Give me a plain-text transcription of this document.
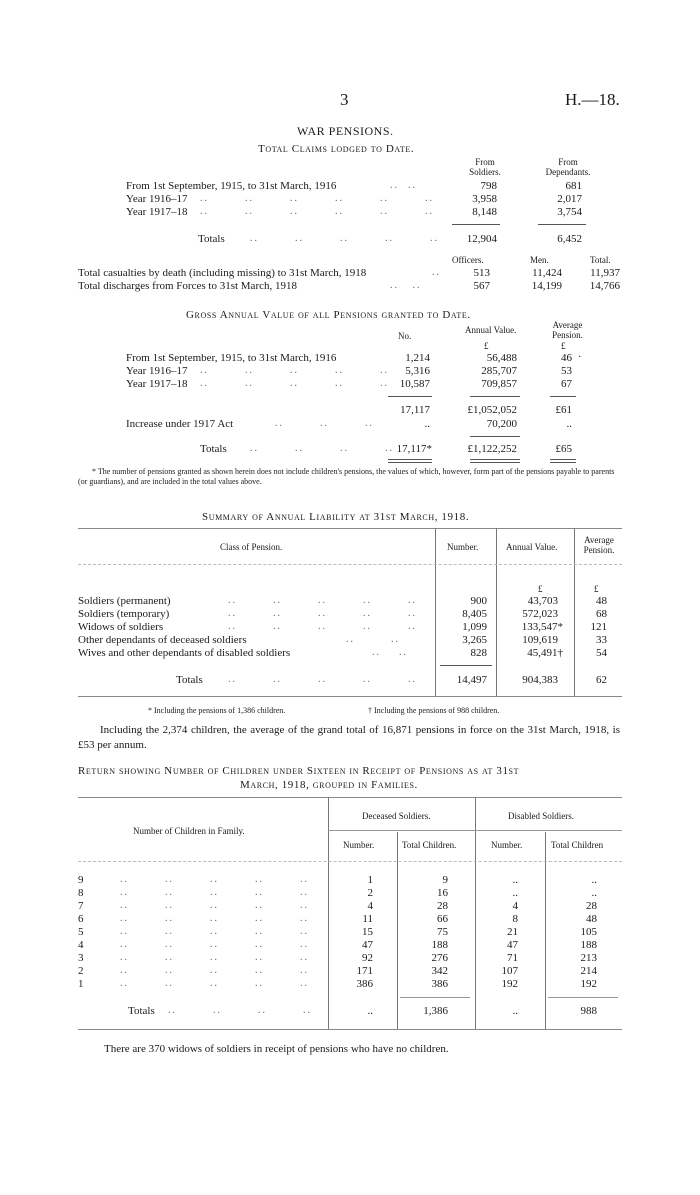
3	H.—18.
WAR PENSIONS.
Total Claims lodged to Date.
From
Soldiers.
From
Dependants.
From 1st September, 1915, to 31st March, 1916	..  ..	798	681
Year 1916–17 ..        ..        ..        ..        ..        ..	3,958	2,017
Year 1917–18 ..        ..        ..        ..        ..        ..	8,148	3,754
Totals	..        ..        ..        ..        ..	12,904	6,452
Officers.	Men.	Total.
Total casualties by death (including missing) to 31st March, 1918	..	513	11,424	11,937
Total discharges from Forces to 31st March, 1918	..   ..	567	14,199	14,766
Gross Annual Value of all Pensions granted to Date.
No.
Annual Value.	Average
Pension.
£	£
From 1st September, 1915, to 31st March, 1916	1,214	56,488	46 ·
Year 1916–17 ..        ..        ..        ..        ..	5,316	285,707	53
Year 1917–18 ..        ..        ..        ..        .. 10,587	709,857	67
17,117	£1,052,052	£61
Increase under 1917 Act	..        ..        ..	..	70,200	..
Totals ..        ..        ..        .. 17,117*	£1,122,252	£65
* The number of pensions granted as shown herein does not include children's pensions, the values of which, however, form part of the pensions payable to parents (or guardians), and are included in the total values above.
Summary of Annual Liability at 31st March, 1918.
Class of Pension.	Number.	Annual Value.
Average
Pension.
£	£
Soldiers (permanent)	..        ..        ..        ..        ..	900	43,703	48
Soldiers (temporary)	..        ..        ..        ..        ..	8,405	572,023	68
Widows of soldiers	..        ..        ..        ..        ..	1,099	133,547*	121
Other dependants of deceased soldiers	..        ..	3,265	109,619	33
Wives and other dependants of disabled soldiers	..    ..	828	45,491†	54
Totals	..        ..        ..        ..        ..	14,497	904,383	62
* Including the pensions of 1,386 children.	† Including the pensions of 988 children.
Including the 2,374 children, the average of the grand total of 16,871 pensions in force on the 31st March, 1918, is £53 per annum.
Return showing Number of Children under Sixteen in Receipt of Pensions as at 31st
March, 1918, grouped in Families.
Number of Children in Family.
Deceased Soldiers.	Disabled Soldiers.
Number.	Total Children.	Number.	Total Children
9	..        ..        ..        ..        ..	1	9	..	..
8	..        ..        ..        ..        ..	2	16	..	..
7	..        ..        ..        ..        ..	4	28	4	28
6	..        ..        ..        ..        ..	11	66	8	48
5	..        ..        ..        ..        ..	15	75	21	105
4	..        ..        ..        ..        ..	47	188	47	188
3	..        ..        ..        ..        ..	92	276	71	213
2	..        ..        ..        ..        ..	171	342	107	214
1	..        ..        ..        ..        ..	386	386	192	192
Totals ..        ..        ..        ..	..	1,386	..	988
There are 370 widows of soldiers in receipt of pensions who have no children.
